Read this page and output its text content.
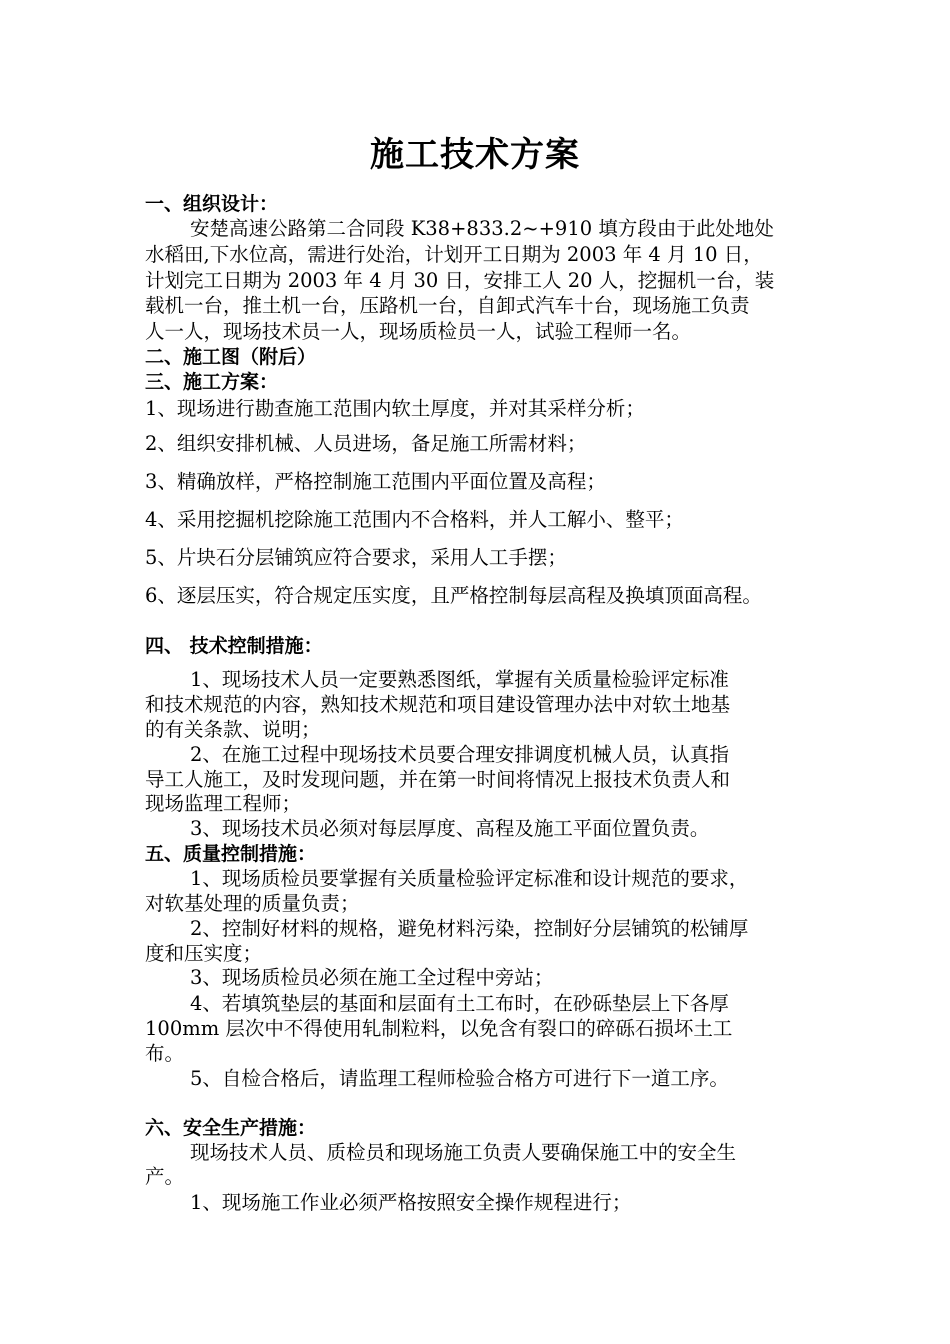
施工技术方案
一、组织设计：
安楚高速公路第二合同段 K38+833.2~+910 填方段由于此处地处
水稻田,下水位高，需进行处治，计划开工日期为 2003 年 4 月 10 日，
计划完工日期为 2003 年 4 月 30 日，安排工人 20 人，挖掘机一台，装
载机一台，推土机一台，压路机一台，自卸式汽车十台，现场施工负责
人一人，现场技术员一人，现场质检员一人，试验工程师一名。
二、施工图（附后）
三、施工方案：
1、现场进行勘查施工范围内软土厚度，并对其采样分析；
2、组织安排机械、人员进场，备足施工所需材料；
3、精确放样，严格控制施工范围内平面位置及高程；
4、采用挖掘机挖除施工范围内不合格料，并人工解小、整平；
5、片块石分层铺筑应符合要求，采用人工手摆；
6、逐层压实，符合规定压实度，且严格控制每层高程及换填顶面高程。
四、 技术控制措施：
1、现场技术人员一定要熟悉图纸，掌握有关质量检验评定标准
和技术规范的内容，熟知技术规范和项目建设管理办法中对软土地基
的有关条款、说明；
2、在施工过程中现场技术员要合理安排调度机械人员，认真指
导工人施工，及时发现问题，并在第一时间将情况上报技术负责人和
现场监理工程师；
3、现场技术员必须对每层厚度、高程及施工平面位置负责。
五、质量控制措施：
1、现场质检员要掌握有关质量检验评定标准和设计规范的要求，
对软基处理的质量负责；
2、控制好材料的规格，避免材料污染，控制好分层铺筑的松铺厚
度和压实度；
3、现场质检员必须在施工全过程中旁站；
4、若填筑垫层的基面和层面有土工布时，在砂砾垫层上下各厚
100mm 层次中不得使用轧制粒料，以免含有裂口的碎砾石损坏土工
布。
5、自检合格后，请监理工程师检验合格方可进行下一道工序。
六、安全生产措施：
现场技术人员、质检员和现场施工负责人要确保施工中的安全生
产。
1、现场施工作业必须严格按照安全操作规程进行；
